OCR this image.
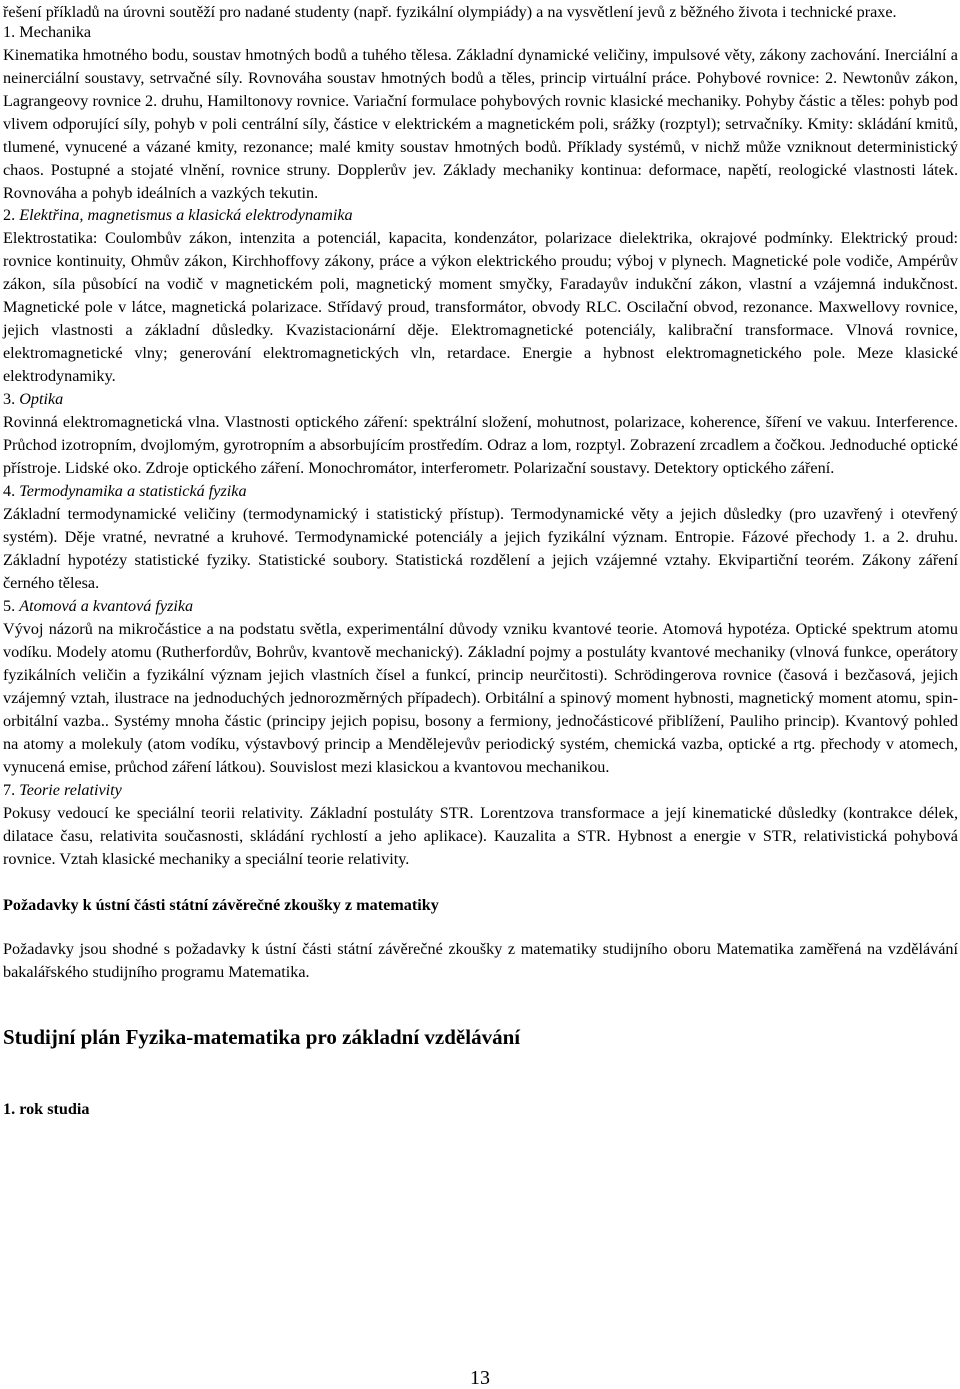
řešení příkladů na úrovni soutěží pro nadané studenty (např. fyzikální olympiády) a na vysvětlení jevů z běžného života i technické praxe.

1. Mechanika

Kinematika hmotného bodu, soustav hmotných bodů a tuhého tělesa. Základní dynamické veličiny, impulsové věty, zákony zachování. Inerciální a neinerciální soustavy, setrvačné síly. Rovnováha soustav hmotných bodů a těles, princip virtuální práce. Pohybové rovnice: 2. Newtonův zákon, Lagrangeovy rovnice 2. druhu, Hamiltonovy rovnice. Variační formulace pohybových rovnic klasické mechaniky. Pohyby částic a těles: pohyb pod vlivem odporující síly, pohyb v poli centrální síly, částice v elektrickém a magnetickém poli, srážky (rozptyl); setrvačníky. Kmity: skládání kmitů, tlumené, vynucené a vázané kmity, rezonance; malé kmity soustav hmotných bodů. Příklady systémů, v nichž může vzniknout deterministický chaos. Postupné a stojaté vlnění, rovnice struny. Dopplerův jev. Základy mechaniky kontinua: deformace, napětí, reologické vlastnosti látek. Rovnováha a pohyb ideálních a vazkých tekutin.

2. Elektřina, magnetismus a klasická elektrodynamika

Elektrostatika: Coulombův zákon, intenzita a potenciál, kapacita, kondenzátor, polarizace dielektrika, okrajové podmínky. Elektrický proud: rovnice kontinuity, Ohmův zákon, Kirchhoffovy zákony, práce a výkon elektrického proudu; výboj v plynech. Magnetické pole vodiče, Ampérův zákon, síla působící na vodič v magnetickém poli, magnetický moment smyčky, Faradayův indukční zákon, vlastní a vzájemná indukčnost. Magnetické pole v látce, magnetická polarizace. Střídavý proud, transformátor, obvody RLC. Oscilační obvod, rezonance. Maxwellovy rovnice, jejich vlastnosti a základní důsledky. Kvazistacionární děje. Elektromagnetické potenciály, kalibrační transformace. Vlnová rovnice, elektromagnetické vlny; generování elektromagnetických vln, retardace. Energie a hybnost elektromagnetického pole. Meze klasické elektrodynamiky.

3. Optika

Rovinná elektromagnetická vlna. Vlastnosti optického záření: spektrální složení, mohutnost, polarizace, koherence, šíření ve vakuu. Interference. Průchod izotropním, dvojlomým, gyrotropním a absorbujícím prostředím. Odraz a lom, rozptyl. Zobrazení zrcadlem a čočkou. Jednoduché optické přístroje. Lidské oko. Zdroje optického záření. Monochromátor, interferometr. Polarizační soustavy. Detektory optického záření.

4. Termodynamika a statistická fyzika

Základní termodynamické veličiny (termodynamický i statistický přístup). Termodynamické věty a jejich důsledky (pro uzavřený i otevřený systém). Děje vratné, nevratné a kruhové. Termodynamické potenciály a jejich fyzikální význam. Entropie. Fázové přechody 1. a 2. druhu. Základní hypotézy statistické fyziky. Statistické soubory. Statistická rozdělení a jejich vzájemné vztahy. Ekvipartiční teorém. Zákony záření černého tělesa.

5. Atomová a kvantová fyzika

Vývoj názorů na mikročástice a na podstatu světla, experimentální důvody vzniku kvantové teorie. Atomová hypotéza. Optické spektrum atomu vodíku. Modely atomu (Rutherfordův, Bohrův, kvantově mechanický). Základní pojmy a postuláty kvantové mechaniky (vlnová funkce, operátory fyzikálních veličin a fyzikální význam jejich vlastních čísel a funkcí, princip neurčitosti). Schrödingerova rovnice (časová i bezčasová, jejich vzájemný vztah, ilustrace na jednoduchých jednorozměrných případech). Orbitální a spinový moment hybnosti, magnetický moment atomu, spin-orbitální vazba.. Systémy mnoha částic (principy jejich popisu, bosony a fermiony, jednočásticové přiblížení, Pauliho princip). Kvantový pohled na atomy a molekuly (atom vodíku, výstavbový princip a Mendělejevův periodický systém, chemická vazba, optické a rtg. přechody v atomech, vynucená emise, průchod záření látkou). Souvislost mezi klasickou a kvantovou mechanikou.

7. Teorie relativity

Pokusy vedoucí ke speciální teorii relativity. Základní postuláty STR. Lorentzova transformace a její kinematické důsledky (kontrakce délek, dilatace času, relativita současnosti, skládání rychlostí a jeho aplikace). Kauzalita a STR. Hybnost a energie v STR, relativistická pohybová rovnice. Vztah klasické mechaniky a speciální teorie relativity.

Požadavky k ústní části státní závěrečné zkoušky z matematiky

Požadavky jsou shodné s požadavky k ústní části státní závěrečné zkoušky z matematiky studijního oboru Matematika zaměřená na vzdělávání bakalářského studijního programu Matematika.

Studijní plán Fyzika-matematika pro základní vzdělávání
1. rok studia
13
